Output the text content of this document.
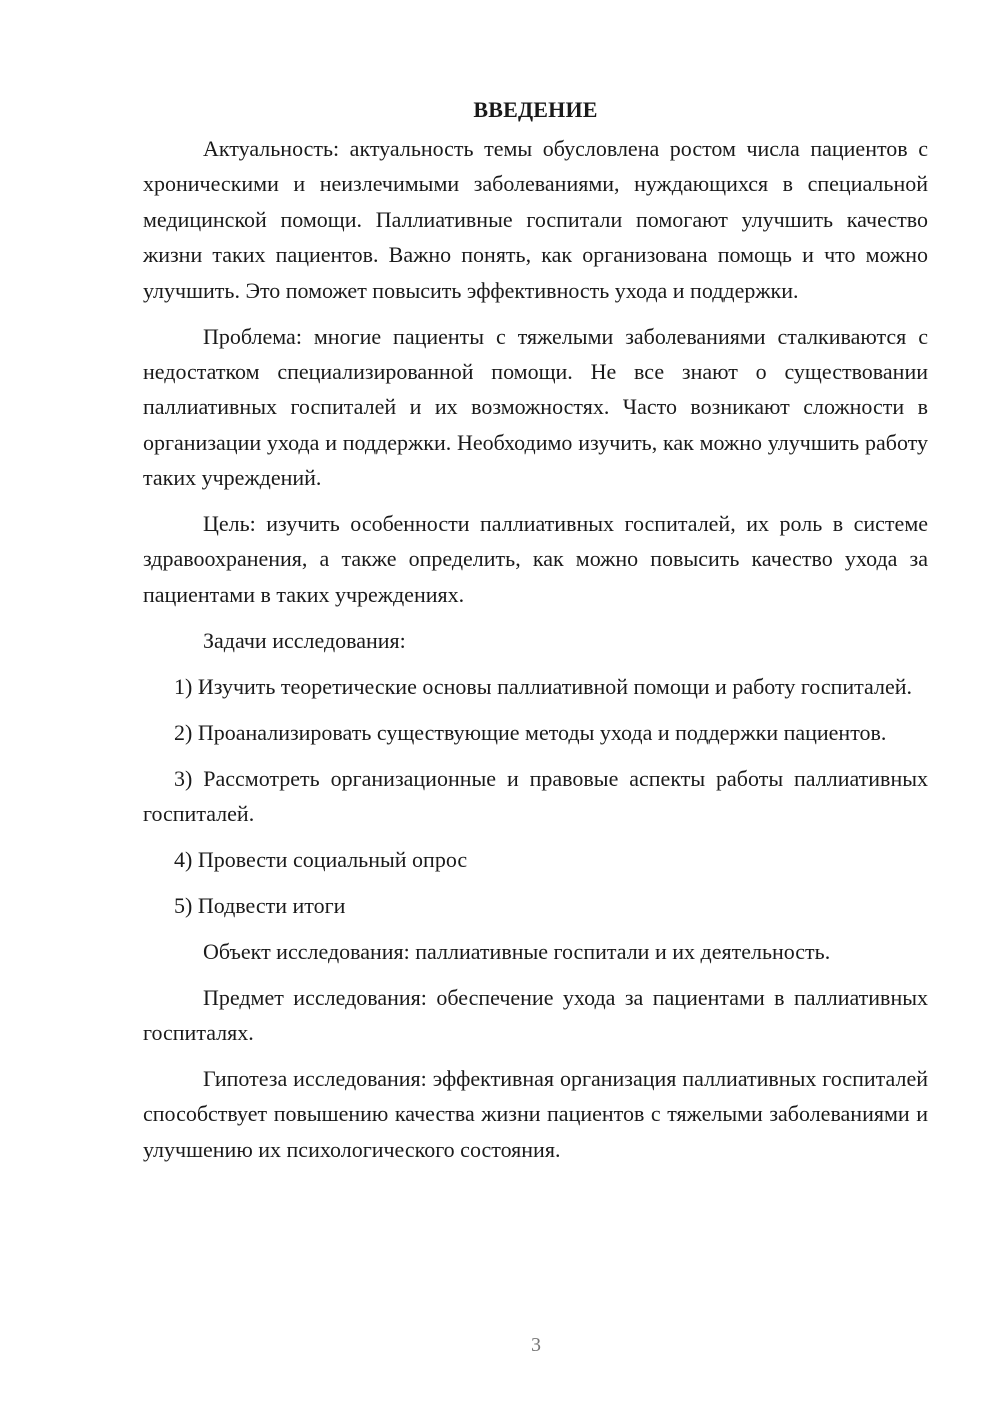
ВВЕДЕНИЕ

Актуальность: актуальность темы обусловлена ростом числа пациентов с хроническими и неизлечимыми заболеваниями, нуждающихся в специальной медицинской помощи. Паллиативные госпитали помогают улучшить качество жизни таких пациентов. Важно понять, как организована помощь и что можно улучшить. Это поможет повысить эффективность ухода и поддержки.

Проблема: многие пациенты с тяжелыми заболеваниями сталкиваются с недостатком специализированной помощи. Не все знают о существовании паллиативных госпиталей и их возможностях. Часто возникают сложности в организации ухода и поддержки. Необходимо изучить, как можно улучшить работу таких учреждений.

Цель: изучить особенности паллиативных госпиталей, их роль в системе здравоохранения, а также определить, как можно повысить качество ухода за пациентами в таких учреждениях.

Задачи исследования:

1) Изучить теоретические основы паллиативной помощи и работу госпиталей.

2) Проанализировать существующие методы ухода и поддержки пациентов.

3) Рассмотреть организационные и правовые аспекты работы паллиативных госпиталей.

4) Провести социальный опрос

5) Подвести итоги

Объект исследования: паллиативные госпитали и их деятельность.

Предмет исследования: обеспечение ухода за пациентами в паллиативных госпиталях.

Гипотеза исследования: эффективная организация паллиативных госпиталей способствует повышению качества жизни пациентов с тяжелыми заболеваниями и улучшению их психологического состояния.

3
